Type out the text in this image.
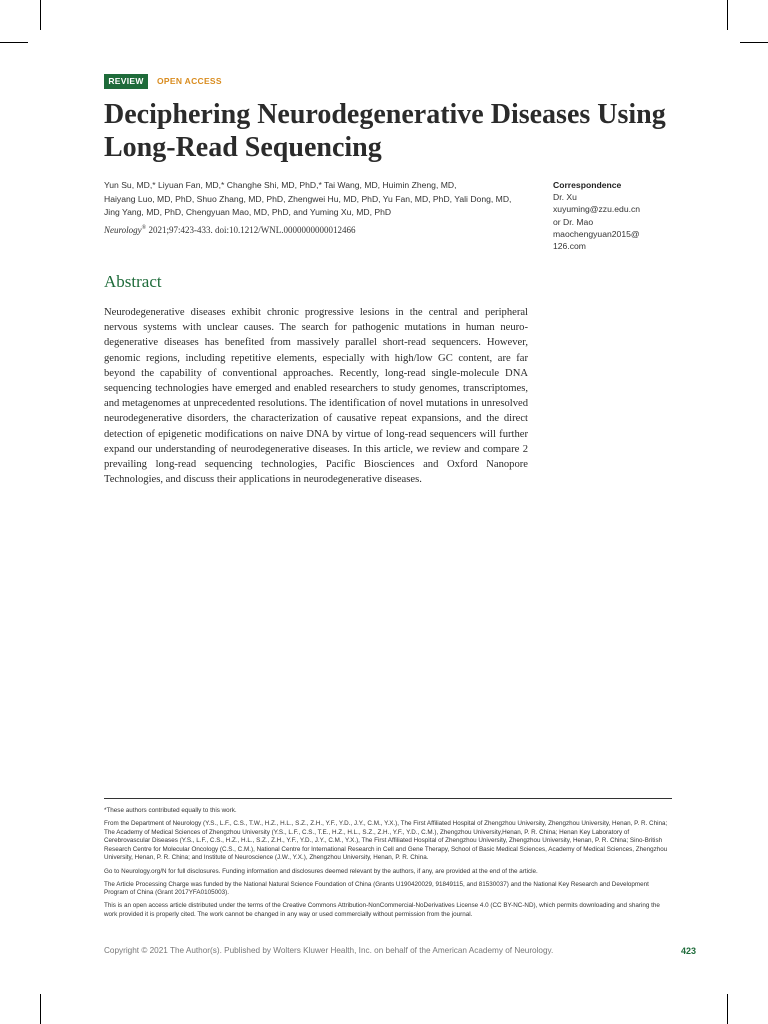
REVIEW	OPEN ACCESS
Deciphering Neurodegenerative Diseases Using Long-Read Sequencing
Yun Su, MD,* Liyuan Fan, MD,* Changhe Shi, MD, PhD,* Tai Wang, MD, Huimin Zheng, MD,
Haiyang Luo, MD, PhD, Shuo Zhang, MD, PhD, Zhengwei Hu, MD, PhD, Yu Fan, MD, PhD, Yali Dong, MD,
Jing Yang, MD, PhD, Chengyuan Mao, MD, PhD, and Yuming Xu, MD, PhD
Neurology® 2021;97:423-433. doi:10.1212/WNL.0000000000012466
Correspondence
Dr. Xu
xuyuming@zzu.edu.cn
or Dr. Mao
maochengyuan2015@
126.com
Abstract

Neurodegenerative diseases exhibit chronic progressive lesions in the central and peripheral nervous systems with unclear causes. The search for pathogenic mutations in human neurodegenerative diseases has benefited from massively parallel short-read sequencers. However, genomic regions, including repetitive elements, especially with high/low GC content, are far beyond the capability of conventional approaches. Recently, long-read single-molecule DNA sequencing technologies have emerged and enabled researchers to study genomes, transcriptomes, and metagenomes at unprecedented resolutions. The identification of novel mutations in unresolved neurodegenerative disorders, the characterization of causative repeat expansions, and the direct detection of epigenetic modifications on naive DNA by virtue of long-read sequencers will further expand our understanding of neurodegenerative diseases. In this article, we review and compare 2 prevailing long-read sequencing technologies, Pacific Biosciences and Oxford Nanopore Technologies, and discuss their applications in neurodegenerative diseases.

*These authors contributed equally to this work.

From the Department of Neurology (Y.S., L.F., C.S., T.W., H.Z., H.L., S.Z., Z.H., Y.F., Y.D., J.Y., C.M., Y.X.), The First Affiliated Hospital of Zhengzhou University, Zhengzhou University, Henan, P. R. China; The Academy of Medical Sciences of Zhengzhou University (Y.S., L.F., C.S., T.E., H.Z., H.L., S.Z., Z.H., Y.F., Y.D., C.M.), Zhengzhou University,Henan, P. R. China; Henan Key Laboratory of Cerebrovascular Diseases (Y.S., L.F., C.S., H.Z., H.L., S.Z., Z.H., Y.F., Y.D., J.Y., C.M., Y.X.), The First Affiliated Hospital of Zhengzhou University, Zhengzhou University, Henan, P. R. China; Sino-British Research Centre for Molecular Oncology (C.S., C.M.), National Centre for International Research in Cell and Gene Therapy, School of Basic Medical Sciences, Academy of Medical Sciences, Zhengzhou University, Henan, P. R. China; and Institute of Neuroscience (J.W., Y.X.), Zhengzhou University, Henan, P. R. China.

Go to Neurology.org/N for full disclosures. Funding information and disclosures deemed relevant by the authors, if any, are provided at the end of the article.

The Article Processing Charge was funded by the National Natural Science Foundation of China (Grants U190420029, 91849115, and 81530037) and the National Key Research and Development Program of China (Grant 2017YFA0105003).

This is an open access article distributed under the terms of the Creative Commons Attribution-NonCommercial-NoDerivatives License 4.0 (CC BY-NC-ND), which permits downloading and sharing the work provided it is properly cited. The work cannot be changed in any way or used commercially without permission from the journal.

Copyright © 2021 The Author(s). Published by Wolters Kluwer Health, Inc. on behalf of the American Academy of Neurology.	423
